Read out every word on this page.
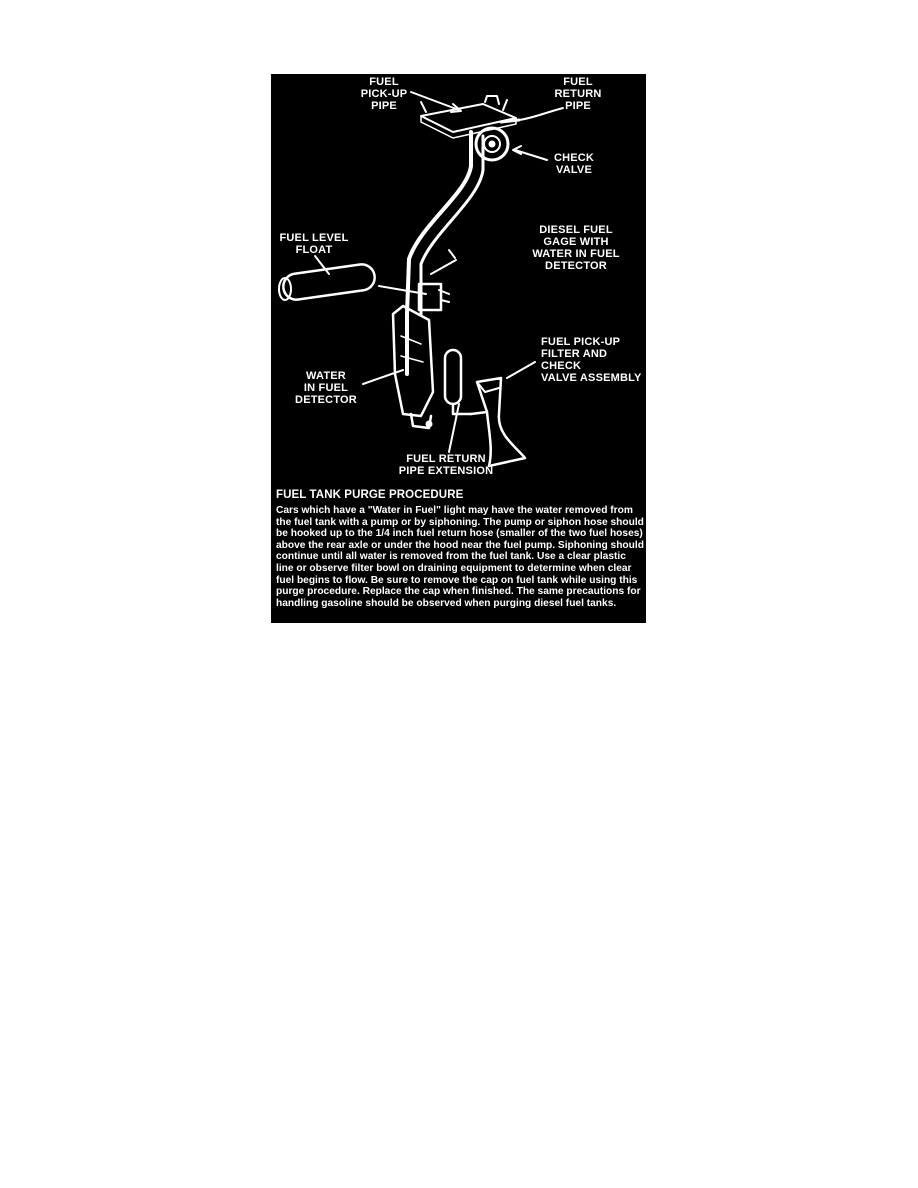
FUEL
PICK-UP
PIPE
FUEL
RETURN
PIPE
CHECK
VALVE
FUEL LEVEL
FLOAT
DIESEL FUEL
GAGE WITH
WATER IN FUEL
DETECTOR
FUEL PICK-UP
FILTER AND CHECK
VALVE ASSEMBLY
WATER
IN FUEL
DETECTOR
FUEL RETURN
PIPE EXTENSION
FUEL TANK PURGE PROCEDURE
Cars which have a "Water in Fuel" light may have the water removed from the fuel tank with a pump or by siphoning. The pump or siphon hose should be hooked up to the 1/4 inch fuel return hose (smaller of the two fuel hoses) above the rear axle or under the hood near the fuel pump. Siphoning should continue until all water is removed from the fuel tank. Use a clear plastic line or observe filter bowl on draining equipment to determine when clear fuel begins to flow. Be sure to remove the cap on fuel tank while using this purge procedure. Replace the cap when finished. The same precautions for handling gasoline should be observed when purging diesel fuel tanks.
